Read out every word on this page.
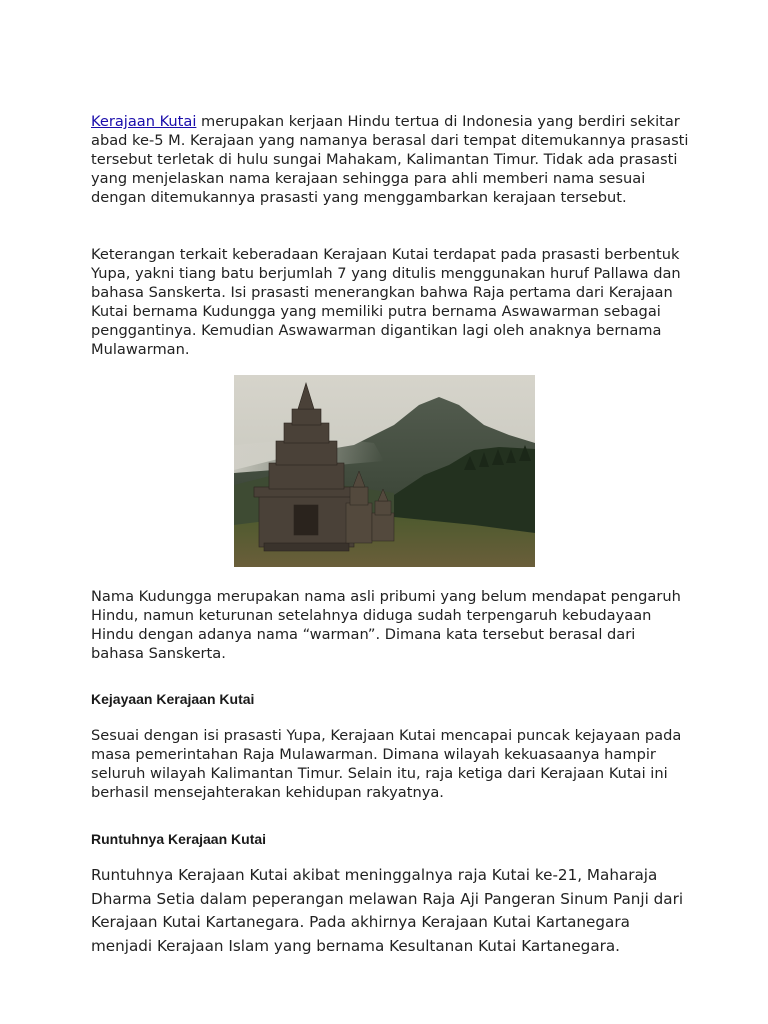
Kerajaan Kutai merupakan kerjaan Hindu tertua di Indonesia yang berdiri sekitar abad ke-5 M. Kerajaan yang namanya berasal dari tempat ditemukannya prasasti tersebut terletak di hulu sungai Mahakam, Kalimantan Timur. Tidak ada prasasti yang menjelaskan nama kerajaan sehingga para ahli memberi nama sesuai dengan ditemukannya prasasti yang menggambarkan kerajaan tersebut.

Keterangan terkait keberadaan Kerajaan Kutai terdapat pada prasasti berbentuk Yupa, yakni tiang batu berjumlah 7 yang ditulis menggunakan huruf Pallawa dan bahasa Sanskerta. Isi prasasti menerangkan bahwa Raja pertama dari Kerajaan Kutai bernama Kudungga yang memiliki putra bernama Aswawarman sebagai penggantinya. Kemudian Aswawarman digantikan lagi oleh anaknya bernama Mulawarman.

Nama Kudungga merupakan nama asli pribumi yang belum mendapat pengaruh Hindu, namun keturunan setelahnya diduga sudah terpengaruh kebudayaan Hindu dengan adanya nama “warman”. Dimana kata tersebut berasal dari bahasa Sanskerta.

Kejayaan Kerajaan Kutai

Sesuai dengan isi prasasti Yupa, Kerajaan Kutai mencapai puncak kejayaan pada masa pemerintahan Raja Mulawarman. Dimana wilayah kekuasaanya hampir seluruh wilayah Kalimantan Timur. Selain itu, raja ketiga dari Kerajaan Kutai ini berhasil mensejahterakan kehidupan rakyatnya.

Runtuhnya Kerajaan Kutai

Runtuhnya Kerajaan Kutai akibat meninggalnya raja Kutai ke-21, Maharaja Dharma Setia dalam peperangan melawan Raja Aji Pangeran Sinum Panji dari Kerajaan Kutai Kartanegara. Pada akhirnya Kerajaan Kutai Kartanegara menjadi Kerajaan Islam yang bernama Kesultanan Kutai Kartanegara.
